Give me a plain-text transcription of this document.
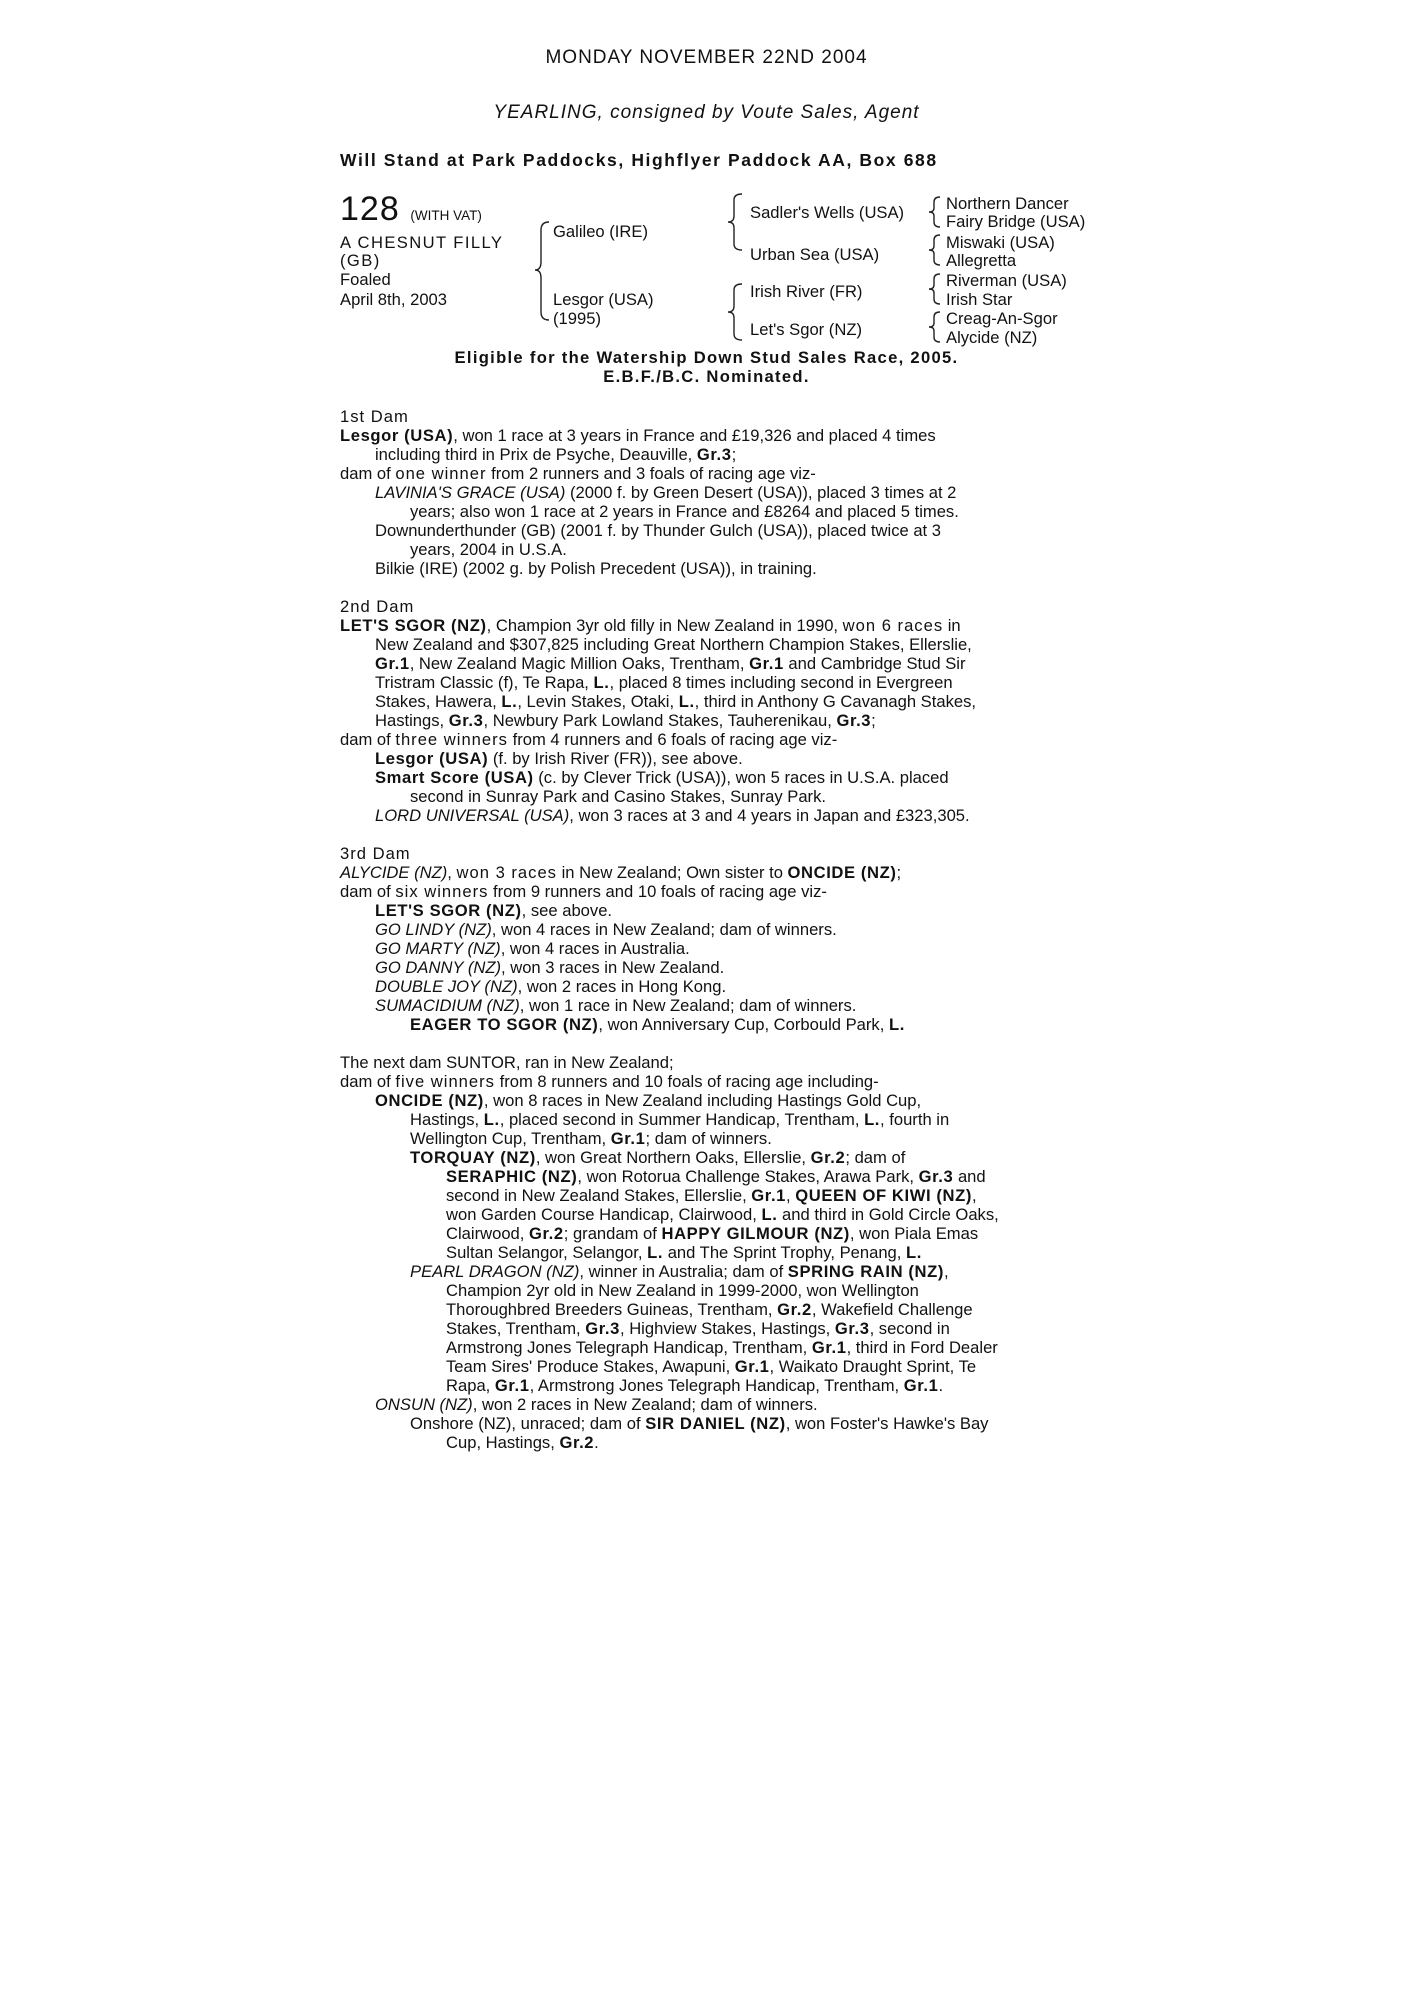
MONDAY NOVEMBER 22ND 2004
YEARLING, consigned by Voute Sales, Agent
Will Stand at Park Paddocks, Highflyer Paddock AA, Box 688
128 (WITH VAT)
A CHESNUT FILLY
(GB)
Foaled
April 8th, 2003
Galileo (IRE)
Lesgor (USA)
(1995)
Sadler's Wells (USA)
Urban Sea (USA)
Irish River (FR)
Let's Sgor (NZ)
Northern Dancer
Fairy Bridge (USA)
Miswaki (USA)
Allegretta
Riverman (USA)
Irish Star
Creag-An-Sgor
Alycide (NZ)
Eligible for the Watership Down Stud Sales Race, 2005.
E.B.F./B.C. Nominated.
1st Dam
Lesgor (USA), won 1 race at 3 years in France and £19,326 and placed 4 times
including third in Prix de Psyche, Deauville, Gr.3;
dam of one winner from 2 runners and 3 foals of racing age viz-
LAVINIA'S GRACE (USA) (2000 f. by Green Desert (USA)), placed 3 times at 2
years; also won 1 race at 2 years in France and £8264 and placed 5 times.
Downunderthunder (GB) (2001 f. by Thunder Gulch (USA)), placed twice at 3
years, 2004 in U.S.A.
Bilkie (IRE) (2002 g. by Polish Precedent (USA)), in training.
2nd Dam
LET'S SGOR (NZ), Champion 3yr old filly in New Zealand in 1990, won 6 races in
New Zealand and $307,825 including Great Northern Champion Stakes, Ellerslie,
Gr.1, New Zealand Magic Million Oaks, Trentham, Gr.1 and Cambridge Stud Sir
Tristram Classic (f), Te Rapa, L., placed 8 times including second in Evergreen
Stakes, Hawera, L., Levin Stakes, Otaki, L., third in Anthony G Cavanagh Stakes,
Hastings, Gr.3, Newbury Park Lowland Stakes, Tauherenikau, Gr.3;
dam of three winners from 4 runners and 6 foals of racing age viz-
Lesgor (USA) (f. by Irish River (FR)), see above.
Smart Score (USA) (c. by Clever Trick (USA)), won 5 races in U.S.A. placed
second in Sunray Park and Casino Stakes, Sunray Park.
LORD UNIVERSAL (USA), won 3 races at 3 and 4 years in Japan and £323,305.
3rd Dam
ALYCIDE (NZ), won 3 races in New Zealand; Own sister to ONCIDE (NZ);
dam of six winners from 9 runners and 10 foals of racing age viz-
LET'S SGOR (NZ), see above.
GO LINDY (NZ), won 4 races in New Zealand; dam of winners.
GO MARTY (NZ), won 4 races in Australia.
GO DANNY (NZ), won 3 races in New Zealand.
DOUBLE JOY (NZ), won 2 races in Hong Kong.
SUMACIDIUM (NZ), won 1 race in New Zealand; dam of winners.
EAGER TO SGOR (NZ), won Anniversary Cup, Corbould Park, L.
The next dam SUNTOR, ran in New Zealand;
dam of five winners from 8 runners and 10 foals of racing age including-
ONCIDE (NZ), won 8 races in New Zealand including Hastings Gold Cup,
Hastings, L., placed second in Summer Handicap, Trentham, L., fourth in
Wellington Cup, Trentham, Gr.1; dam of winners.
TORQUAY (NZ), won Great Northern Oaks, Ellerslie, Gr.2; dam of
SERAPHIC (NZ), won Rotorua Challenge Stakes, Arawa Park, Gr.3 and
second in New Zealand Stakes, Ellerslie, Gr.1, QUEEN OF KIWI (NZ),
won Garden Course Handicap, Clairwood, L. and third in Gold Circle Oaks,
Clairwood, Gr.2; grandam of HAPPY GILMOUR (NZ), won Piala Emas
Sultan Selangor, Selangor, L. and The Sprint Trophy, Penang, L.
PEARL DRAGON (NZ), winner in Australia; dam of SPRING RAIN (NZ),
Champion 2yr old in New Zealand in 1999-2000, won Wellington
Thoroughbred Breeders Guineas, Trentham, Gr.2, Wakefield Challenge
Stakes, Trentham, Gr.3, Highview Stakes, Hastings, Gr.3, second in
Armstrong Jones Telegraph Handicap, Trentham, Gr.1, third in Ford Dealer
Team Sires' Produce Stakes, Awapuni, Gr.1, Waikato Draught Sprint, Te
Rapa, Gr.1, Armstrong Jones Telegraph Handicap, Trentham, Gr.1.
ONSUN (NZ), won 2 races in New Zealand; dam of winners.
Onshore (NZ), unraced; dam of SIR DANIEL (NZ), won Foster's Hawke's Bay
Cup, Hastings, Gr.2.
